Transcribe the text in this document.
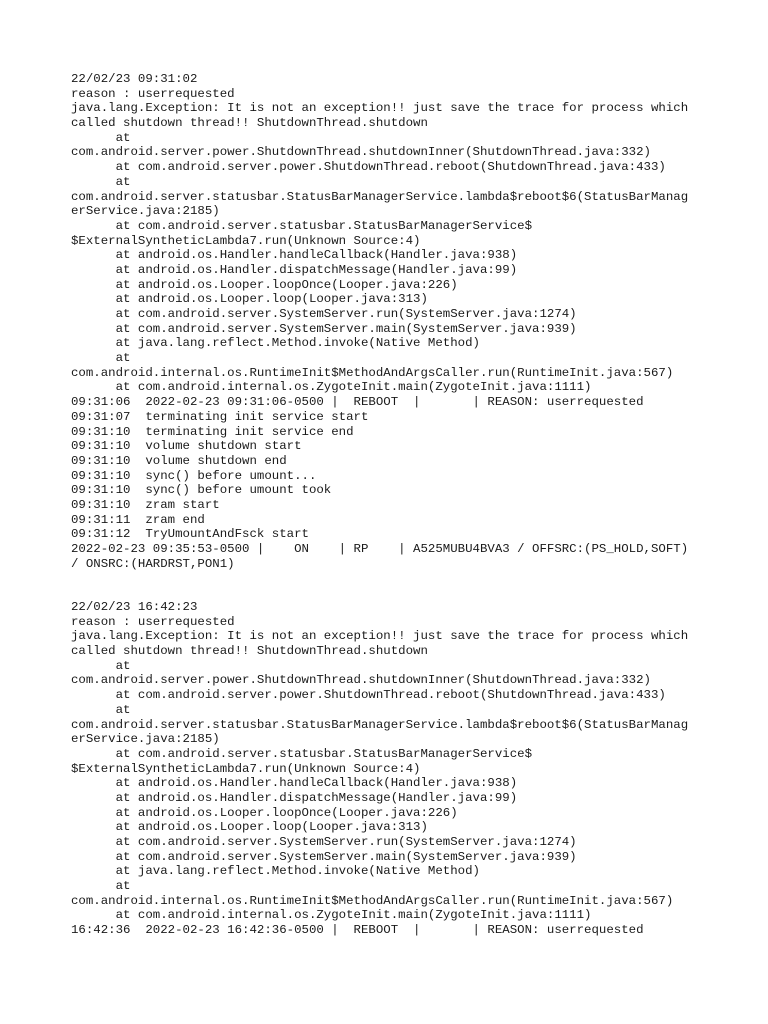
22/02/23 09:31:02
reason : userrequested
java.lang.Exception: It is not an exception!! just save the trace for process which
called shutdown thread!! ShutdownThread.shutdown
at
com.android.server.power.ShutdownThread.shutdownInner(ShutdownThread.java:332)
at com.android.server.power.ShutdownThread.reboot(ShutdownThread.java:433)
at
com.android.server.statusbar.StatusBarManagerService.lambda$reboot$6(StatusBarManag
erService.java:2185)
at com.android.server.statusbar.StatusBarManagerService$
$ExternalSyntheticLambda7.run(Unknown Source:4)
at android.os.Handler.handleCallback(Handler.java:938)
at android.os.Handler.dispatchMessage(Handler.java:99)
at android.os.Looper.loopOnce(Looper.java:226)
at android.os.Looper.loop(Looper.java:313)
at com.android.server.SystemServer.run(SystemServer.java:1274)
at com.android.server.SystemServer.main(SystemServer.java:939)
at java.lang.reflect.Method.invoke(Native Method)
at
com.android.internal.os.RuntimeInit$MethodAndArgsCaller.run(RuntimeInit.java:567)
at com.android.internal.os.ZygoteInit.main(ZygoteInit.java:1111)
09:31:06  2022-02-23 09:31:06-0500 |  REBOOT  |       | REASON: userrequested
09:31:07  terminating init service start
09:31:10  terminating init service end
09:31:10  volume shutdown start
09:31:10  volume shutdown end
09:31:10  sync() before umount...
09:31:10  sync() before umount took
09:31:10  zram start
09:31:11  zram end
09:31:12  TryUmountAndFsck start
2022-02-23 09:35:53-0500 |    ON    | RP    | A525MUBU4BVA3 / OFFSRC:(PS_HOLD,SOFT)
/ ONSRC:(HARDRST,PON1)
22/02/23 16:42:23
reason : userrequested
java.lang.Exception: It is not an exception!! just save the trace for process which
called shutdown thread!! ShutdownThread.shutdown
at
com.android.server.power.ShutdownThread.shutdownInner(ShutdownThread.java:332)
at com.android.server.power.ShutdownThread.reboot(ShutdownThread.java:433)
at
com.android.server.statusbar.StatusBarManagerService.lambda$reboot$6(StatusBarManag
erService.java:2185)
at com.android.server.statusbar.StatusBarManagerService$
$ExternalSyntheticLambda7.run(Unknown Source:4)
at android.os.Handler.handleCallback(Handler.java:938)
at android.os.Handler.dispatchMessage(Handler.java:99)
at android.os.Looper.loopOnce(Looper.java:226)
at android.os.Looper.loop(Looper.java:313)
at com.android.server.SystemServer.run(SystemServer.java:1274)
at com.android.server.SystemServer.main(SystemServer.java:939)
at java.lang.reflect.Method.invoke(Native Method)
at
com.android.internal.os.RuntimeInit$MethodAndArgsCaller.run(RuntimeInit.java:567)
at com.android.internal.os.ZygoteInit.main(ZygoteInit.java:1111)
16:42:36  2022-02-23 16:42:36-0500 |  REBOOT  |       | REASON: userrequested
